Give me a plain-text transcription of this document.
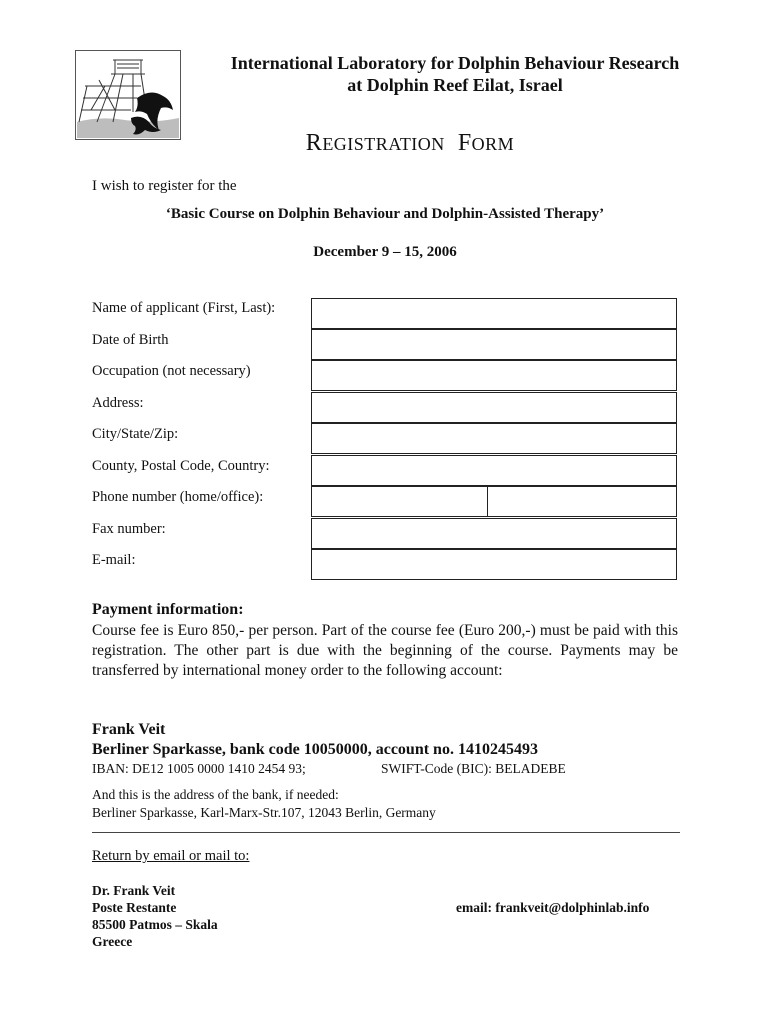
International Laboratory for Dolphin Behaviour Research
at Dolphin Reef Eilat, Israel
REGISTRATION FORM
I wish to register for the
‘Basic Course on Dolphin Behaviour and Dolphin-Assisted Therapy’
December 9 – 15, 2006
Name of applicant (First, Last):
Date of Birth
Occupation (not necessary)
Address:
City/State/Zip:
County, Postal Code, Country:
Phone number (home/office):
Fax number:
E-mail:
Payment information:
Course fee is Euro 850,- per person. Part of the course fee (Euro 200,-) must be paid with this registration. The other part is due with the beginning of the course. Payments may be transferred by international money order to the following account:
Frank Veit
Berliner Sparkasse, bank code 10050000, account no. 1410245493
IBAN: DE12 1005 0000 1410 2454 93;	SWIFT-Code (BIC): BELADEBE
And this is the address of the bank, if needed:
Berliner Sparkasse, Karl-Marx-Str.107, 12043 Berlin, Germany
Return by email or mail to:
Dr. Frank Veit
Poste Restante
85500 Patmos – Skala
Greece
email: frankveit@dolphinlab.info
